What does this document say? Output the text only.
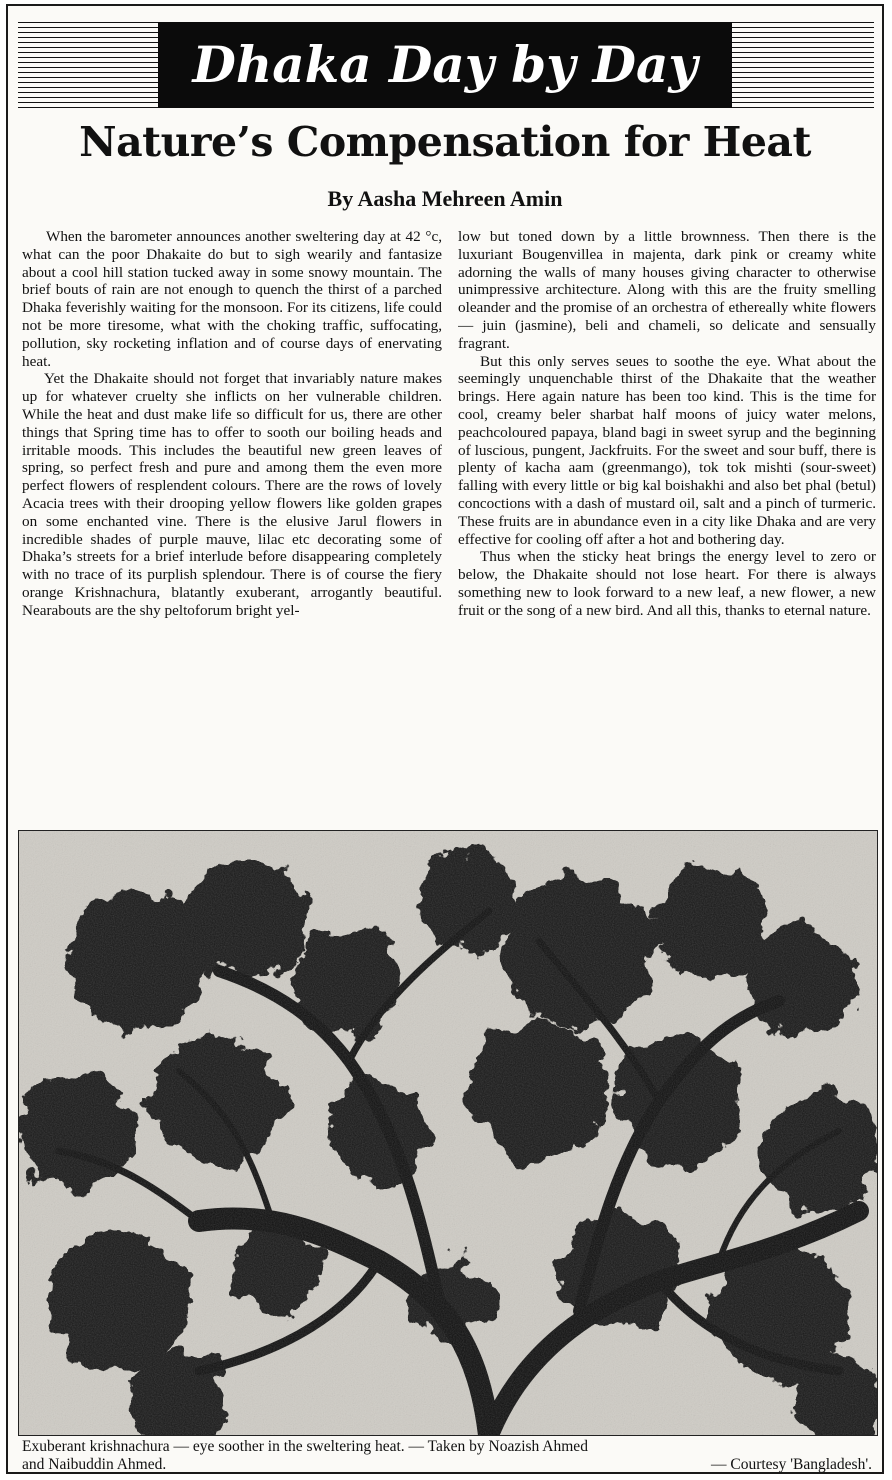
Dhaka Day by Day
Nature’s Compensation for Heat
By Aasha Mehreen Amin

When the barometer announces another sweltering day at 42 °c, what can the poor Dhakaite do but to sigh wearily and fantasize about a cool hill station tucked away in some snowy mountain. The brief bouts of rain are not enough to quench the thirst of a parched Dhaka feverishly waiting for the monsoon. For its citizens, life could not be more tiresome, what with the choking traffic, suffocating, pollution, sky rocketing inflation and of course days of enervating heat.

Yet the Dhakaite should not forget that invariably nature makes up for whatever cruelty she inflicts on her vulnerable children. While the heat and dust make life so difficult for us, there are other things that Spring time has to offer to sooth our boiling heads and irritable moods. This includes the beautiful new green leaves of spring, so perfect fresh and pure and among them the even more perfect flowers of resplendent colours. There are the rows of lovely Acacia trees with their drooping yellow flowers like golden grapes on some enchanted vine. There is the elusive Jarul flowers in incredible shades of purple mauve, lilac etc decorating some of Dhaka’s streets for a brief interlude before disappearing completely with no trace of its purplish splendour. There is of course the fiery orange Krishnachura, blatantly exuberant, arrogantly beautiful. Nearabouts are the shy peltoforum bright yel-

low but toned down by a little brownness. Then there is the luxuriant Bougenvillea in majenta, dark pink or creamy white adorning the walls of many houses giving character to otherwise unimpressive architecture. Along with this are the fruity smelling oleander and the promise of an orchestra of ethereally white flowers — juin (jasmine), beli and chameli, so delicate and sensually fragrant.

But this only serves seues to soothe the eye. What about the seemingly unquenchable thirst of the Dhakaite that the weather brings. Here again nature has been too kind. This is the time for cool, creamy beler sharbat half moons of juicy water melons, peachcoloured papaya, bland bagi in sweet syrup and the beginning of luscious, pungent, Jackfruits. For the sweet and sour buff, there is plenty of kacha aam (greenmango), tok tok mishti (sour-sweet) falling with every little or big kal boishakhi and also bet phal (betul) concoctions with a dash of mustard oil, salt and a pinch of turmeric. These fruits are in abundance even in a city like Dhaka and are very effective for cooling off after a hot and bothering day.

Thus when the sticky heat brings the energy level to zero or below, the Dhakaite should not lose heart. For there is always something new to look forward to a new leaf, a new flower, a new fruit or the song of a new bird. And all this, thanks to eternal nature.

Exuberant krishnachura — eye soother in the sweltering heat. — Taken by Noazish Ahmed
and Naibuddin Ahmed.	— Courtesy 'Bangladesh'.
